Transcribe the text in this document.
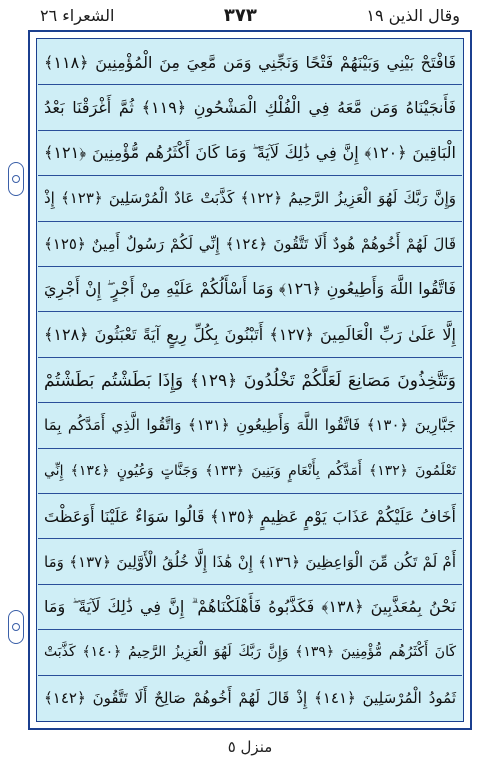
الشعراء ٢٦	٣٧٣	وقال الذين ١٩
فَافْتَحْ بَيْنِي وَبَيْنَهُمْ فَتْحًا وَنَجِّنِي وَمَن مَّعِيَ مِنَ الْمُؤْمِنِينَ ﴿١١٨﴾
فَأَنجَيْنَاهُ وَمَن مَّعَهُ فِي الْفُلْكِ الْمَشْحُونِ ﴿١١٩﴾ ثُمَّ أَغْرَقْنَا بَعْدُ
الْبَاقِينَ ﴿١٢٠﴾ إِنَّ فِي ذَٰلِكَ لَآيَةً ۖ وَمَا كَانَ أَكْثَرُهُم مُّؤْمِنِينَ ﴿١٢١﴾
وَإِنَّ رَبَّكَ لَهُوَ الْعَزِيزُ الرَّحِيمُ ﴿١٢٢﴾ كَذَّبَتْ عَادٌ الْمُرْسَلِينَ ﴿١٢٣﴾ إِذْ
قَالَ لَهُمْ أَخُوهُمْ هُودٌ أَلَا تَتَّقُونَ ﴿١٢٤﴾ إِنِّي لَكُمْ رَسُولٌ أَمِينٌ ﴿١٢٥﴾
فَاتَّقُوا اللَّهَ وَأَطِيعُونِ ﴿١٢٦﴾ وَمَا أَسْأَلُكُمْ عَلَيْهِ مِنْ أَجْرٍ ۖ إِنْ أَجْرِيَ
إِلَّا عَلَىٰ رَبِّ الْعَالَمِينَ ﴿١٢٧﴾ أَتَبْنُونَ بِكُلِّ رِيعٍ آيَةً تَعْبَثُونَ ﴿١٢٨﴾
وَتَتَّخِذُونَ مَصَانِعَ لَعَلَّكُمْ تَخْلُدُونَ ﴿١٢٩﴾ وَإِذَا بَطَشْتُم بَطَشْتُمْ
جَبَّارِينَ ﴿١٣٠﴾ فَاتَّقُوا اللَّهَ وَأَطِيعُونِ ﴿١٣١﴾ وَاتَّقُوا الَّذِي أَمَدَّكُم بِمَا
تَعْلَمُونَ ﴿١٣٢﴾ أَمَدَّكُم بِأَنْعَامٍ وَبَنِينَ ﴿١٣٣﴾ وَجَنَّاتٍ وَعُيُونٍ ﴿١٣٤﴾ إِنِّي
أَخَافُ عَلَيْكُمْ عَذَابَ يَوْمٍ عَظِيمٍ ﴿١٣٥﴾ قَالُوا سَوَاءٌ عَلَيْنَا أَوَعَظْتَ
أَمْ لَمْ تَكُن مِّنَ الْوَاعِظِينَ ﴿١٣٦﴾ إِنْ هَٰذَا إِلَّا خُلُقُ الْأَوَّلِينَ ﴿١٣٧﴾ وَمَا
نَحْنُ بِمُعَذَّبِينَ ﴿١٣٨﴾ فَكَذَّبُوهُ فَأَهْلَكْنَاهُمْ ۗ إِنَّ فِي ذَٰلِكَ لَآيَةً ۖ وَمَا
كَانَ أَكْثَرُهُم مُّؤْمِنِينَ ﴿١٣٩﴾ وَإِنَّ رَبَّكَ لَهُوَ الْعَزِيزُ الرَّحِيمُ ﴿١٤٠﴾ كَذَّبَتْ
ثَمُودُ الْمُرْسَلِينَ ﴿١٤١﴾ إِذْ قَالَ لَهُمْ أَخُوهُمْ صَالِحٌ أَلَا تَتَّقُونَ ﴿١٤٢﴾
منزل ٥
